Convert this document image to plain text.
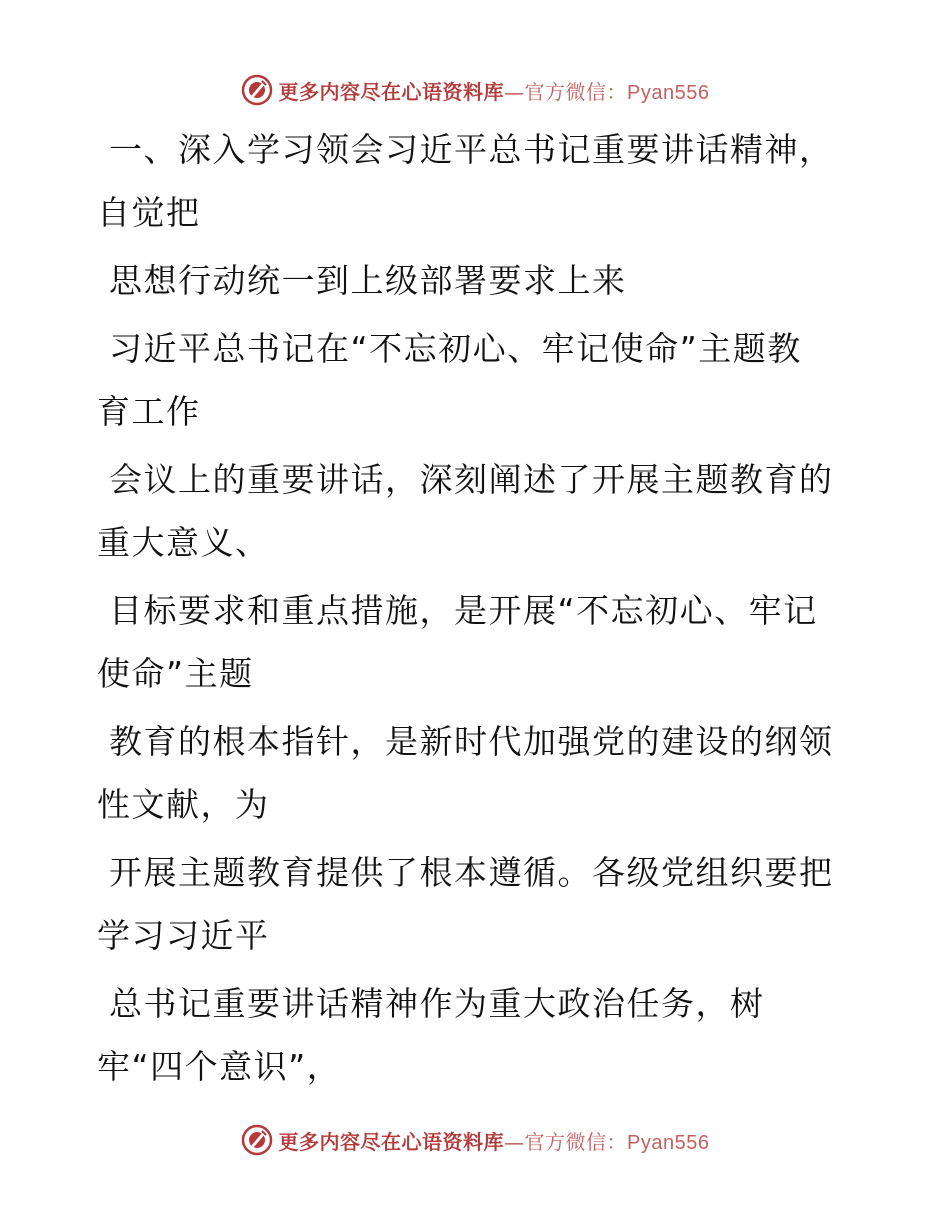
更多内容尽在心语资料库—官方微信：Pyan556

一、深入学习领会习近平总书记重要讲话精神，
自觉把

思想行动统一到上级部署要求上来

习近平总书记在“不忘初心、牢记使命”主题教
育工作

会议上的重要讲话，深刻阐述了开展主题教育的
重大意义、

目标要求和重点措施，是开展“不忘初心、牢记
使命”主题

教育的根本指针，是新时代加强党的建设的纲领
性文献，为

开展主题教育提供了根本遵循。各级党组织要把
学习习近平

总书记重要讲话精神作为重大政治任务，树
牢“四个意识”，

更多内容尽在心语资料库—官方微信：Pyan556
